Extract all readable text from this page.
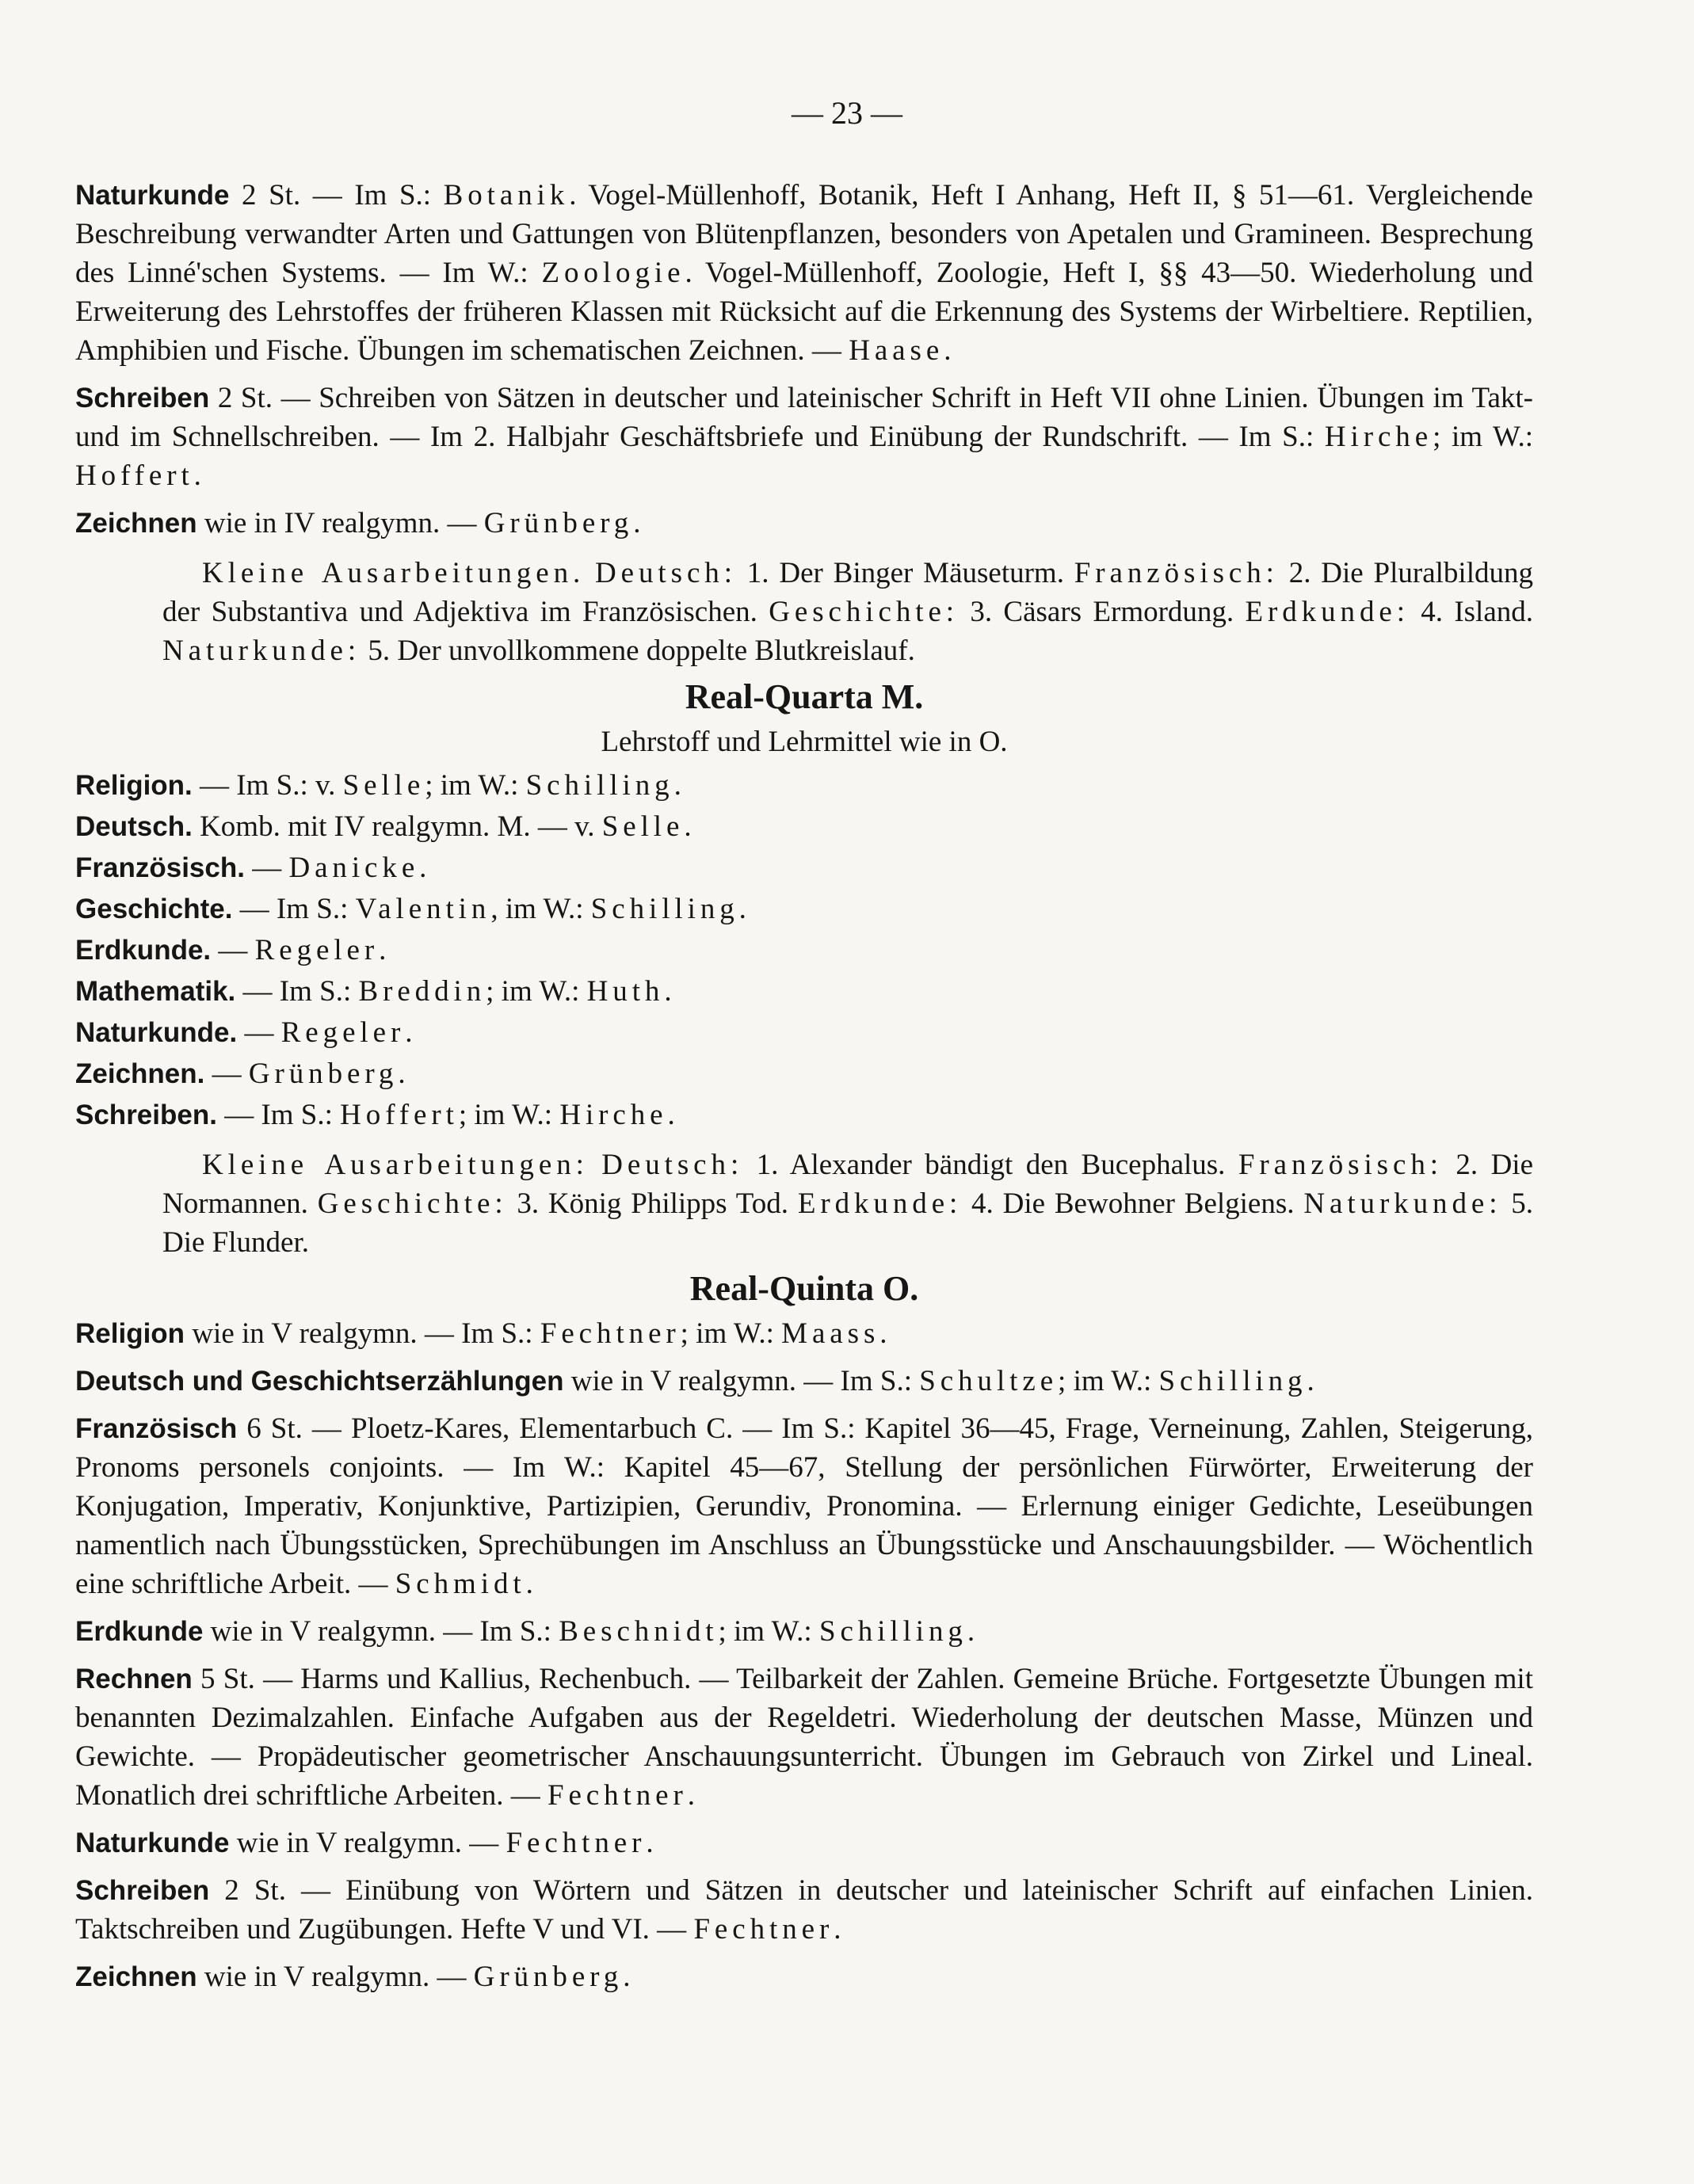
— 23 —

Naturkunde 2 St. — Im S.: Botanik. Vogel-Müllenhoff, Botanik, Heft I Anhang, Heft II, § 51—61. Vergleichende Beschreibung verwandter Arten und Gattungen von Blütenpflanzen, besonders von Apetalen und Gramineen. Besprechung des Linné'schen Systems. — Im W.: Zoologie. Vogel-Müllenhoff, Zoologie, Heft I, §§ 43—50. Wiederholung und Erweiterung des Lehrstoffes der früheren Klassen mit Rücksicht auf die Erkennung des Systems der Wirbeltiere. Reptilien, Amphibien und Fische. Übungen im schematischen Zeichnen. — Haase.

Schreiben 2 St. — Schreiben von Sätzen in deutscher und lateinischer Schrift in Heft VII ohne Linien. Übungen im Takt- und im Schnellschreiben. — Im 2. Halbjahr Geschäftsbriefe und Einübung der Rundschrift. — Im S.: Hirche; im W.: Hoffert.

Zeichnen wie in IV realgymn. — Grünberg.

Kleine Ausarbeitungen. Deutsch: 1. Der Binger Mäuseturm. Französisch: 2. Die Pluralbildung der Substantiva und Adjektiva im Französischen. Geschichte: 3. Cäsars Ermordung. Erdkunde: 4. Island. Naturkunde: 5. Der unvollkommene doppelte Blutkreislauf.

Real-Quarta M.
Lehrstoff und Lehrmittel wie in O.
Religion. — Im S.: v. Selle; im W.: Schilling.
Deutsch. Komb. mit IV realgymn. M. — v. Selle.
Französisch. — Danicke.
Geschichte. — Im S.: Valentin, im W.: Schilling.
Erdkunde. — Regeler.
Mathematik. — Im S.: Breddin; im W.: Huth.
Naturkunde. — Regeler.
Zeichnen. — Grünberg.
Schreiben. — Im S.: Hoffert; im W.: Hirche.

Kleine Ausarbeitungen: Deutsch: 1. Alexander bändigt den Bucephalus. Französisch: 2. Die Normannen. Geschichte: 3. König Philipps Tod. Erdkunde: 4. Die Bewohner Belgiens. Naturkunde: 5. Die Flunder.

Real-Quinta O.

Religion wie in V realgymn. — Im S.: Fechtner; im W.: Maass.

Deutsch und Geschichtserzählungen wie in V realgymn. — Im S.: Schultze; im W.: Schilling.

Französisch 6 St. — Ploetz-Kares, Elementarbuch C. — Im S.: Kapitel 36—45, Frage, Verneinung, Zahlen, Steigerung, Pronoms personels conjoints. — Im W.: Kapitel 45—67, Stellung der persönlichen Fürwörter, Erweiterung der Konjugation, Imperativ, Konjunktive, Partizipien, Gerundiv, Pronomina. — Erlernung einiger Gedichte, Leseübungen namentlich nach Übungsstücken, Sprechübungen im Anschluss an Übungsstücke und Anschauungsbilder. — Wöchentlich eine schriftliche Arbeit. — Schmidt.

Erdkunde wie in V realgymn. — Im S.: Beschnidt; im W.: Schilling.

Rechnen 5 St. — Harms und Kallius, Rechenbuch. — Teilbarkeit der Zahlen. Gemeine Brüche. Fortgesetzte Übungen mit benannten Dezimalzahlen. Einfache Aufgaben aus der Regeldetri. Wiederholung der deutschen Masse, Münzen und Gewichte. — Propädeutischer geometrischer Anschauungsunterricht. Übungen im Gebrauch von Zirkel und Lineal. Monatlich drei schriftliche Arbeiten. — Fechtner.

Naturkunde wie in V realgymn. — Fechtner.

Schreiben 2 St. — Einübung von Wörtern und Sätzen in deutscher und lateinischer Schrift auf einfachen Linien. Taktschreiben und Zugübungen. Hefte V und VI. — Fechtner.

Zeichnen wie in V realgymn. — Grünberg.
